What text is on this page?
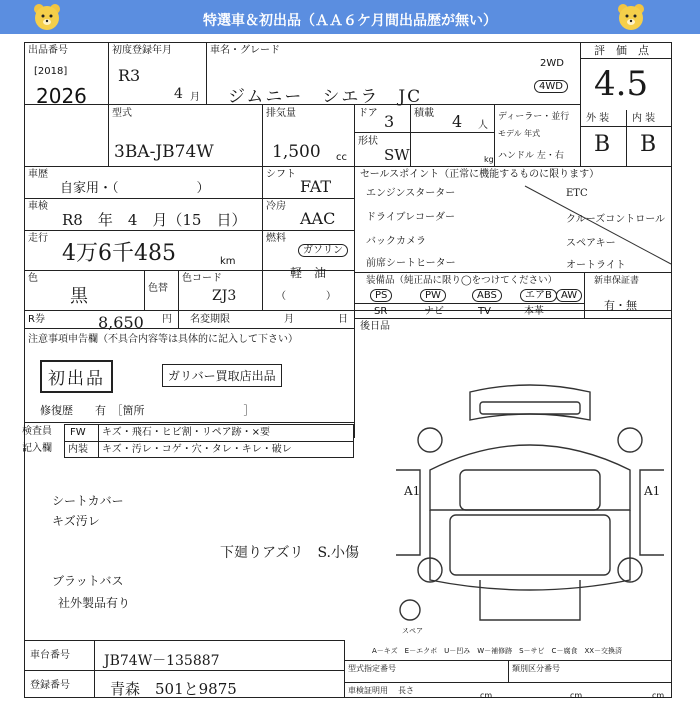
特選車＆初出品（ＡＡ６ケ月間出品歴が無い）
出品番号
[2018]
2026
初度登録年月
R3
4 月
車名・グレード
ジムニー　シエラ　JC
2WD
4WD
評　価　点
4.5
型式
3BA-JB74W
排気量
1,500 cc
ドア 3 積載 4 人
kg
形状
SW
ディーラー・並行
モデル 年式
ハンドル 左・右
外 装 内 装
B B
車歴
自家用・（　　　　　　）
シフト
FAT
車検
R8　年　4　月（15　日）
冷房
AAC
走行
4万6千485	km
燃料
ガソリン
軽　油
（　　　　）
色
黒	色替
色コード
ZJ3
R券	8,650 円 名変期限	月	日
セールスポイント（正常に機能するものに限ります）
エンジンスターター	ETC
ドライブレコーダー	クルーズコントロール
バックカメラ	スペアキー
前席シートヒーター	オートライト
装備品（純正品に限り◯をつけてください）	新車保証書
有・無
PS	PW	ABS	エアB AW
SR	ナビ	TV	本革
後日品
注意事項申告欄（不具合内容等は具体的に記入して下さい）
初出品	ガリバー買取店出品
修復歴　　有　［箇所　　　　　　　　　］
検査員
記入欄
FW キズ・飛石・ヒビ割・リペア跡・×要
内装 キズ・汚レ・コゲ・穴・タレ・キレ・破レ
シートカバー
キズ汚レ
下廻りアズリ　S.小傷
ブラットバス
社外製品有り
A1	A1
スペア
A－キズ　E－エクボ　U－凹み　W－補修跡　S－サビ　C－腐食　XX－交換済
車台番号 JB74W－135887
登録番号	青森　501と9875
型式指定番号	類別区分番号
車検証明用 長さ
cm	cm	cm
